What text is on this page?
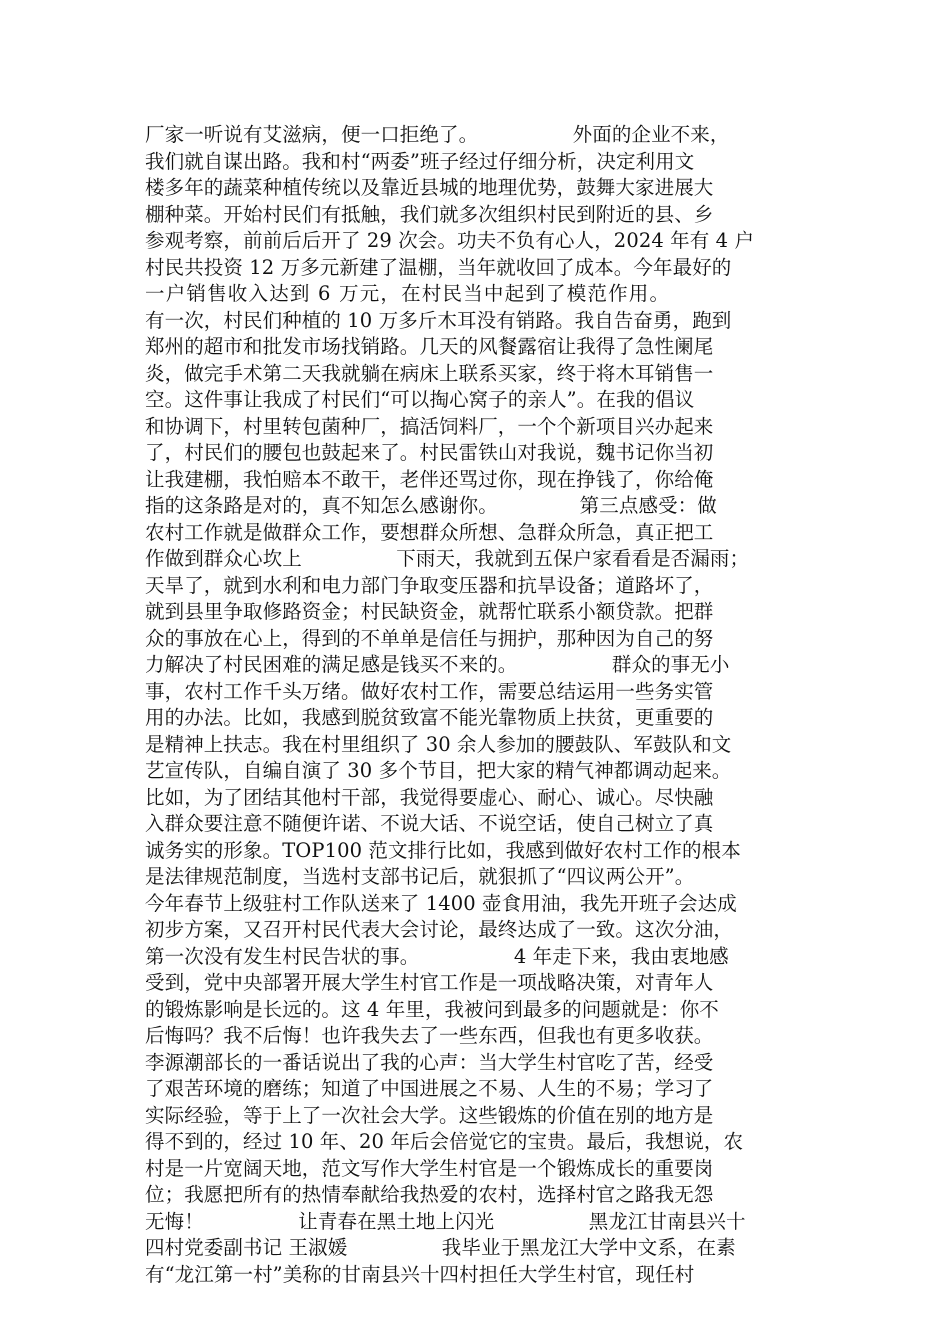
厂家一听说有艾滋病，便一口拒绝了。               外面的企业不来，
我们就自谋出路。我和村“两委”班子经过仔细分析，决定利用文
楼多年的蔬菜种植传统以及靠近县城的地理优势，鼓舞大家进展大
棚种菜。开始村民们有抵触，我们就多次组织村民到附近的县、乡
参观考察，前前后后开了 29 次会。功夫不负有心人，2024 年有 4 户
村民共投资 12 万多元新建了温棚，当年就收回了成本。今年最好的
一户销售收入达到 6 万元，在村民当中起到了模范作用。
有一次，村民们种植的 10 万多斤木耳没有销路。我自告奋勇，跑到
郑州的超市和批发市场找销路。几天的风餐露宿让我得了急性阑尾
炎，做完手术第二天我就躺在病床上联系买家，终于将木耳销售一
空。这件事让我成了村民们“可以掏心窝子的亲人”。在我的倡议
和协调下，村里转包菌种厂，搞活饲料厂，一个个新项目兴办起来
了，村民们的腰包也鼓起来了。村民雷铁山对我说，魏书记你当初
让我建棚，我怕赔本不敢干，老伴还骂过你，现在挣钱了，你给俺
指的这条路是对的，真不知怎么感谢你。             第三点感受：做
农村工作就是做群众工作，要想群众所想、急群众所急，真正把工
作做到群众心坎上               下雨天，我就到五保户家看看是否漏雨；
天旱了，就到水利和电力部门争取变压器和抗旱设备；道路坏了，
就到县里争取修路资金；村民缺资金，就帮忙联系小额贷款。把群
众的事放在心上，得到的不单单是信任与拥护，那种因为自己的努
力解决了村民困难的满足感是钱买不来的。               群众的事无小
事，农村工作千头万绪。做好农村工作，需要总结运用一些务实管
用的办法。比如，我感到脱贫致富不能光靠物质上扶贫，更重要的
是精神上扶志。我在村里组织了 30 余人参加的腰鼓队、军鼓队和文
艺宣传队，自编自演了 30 多个节目，把大家的精气神都调动起来。
比如，为了团结其他村干部，我觉得要虚心、耐心、诚心。尽快融
入群众要注意不随便许诺、不说大话、不说空话，使自己树立了真
诚务实的形象。TOP100 范文排行比如，我感到做好农村工作的根本
是法律规范制度，当选村支部书记后，就狠抓了“四议两公开”。
今年春节上级驻村工作队送来了 1400 壶食用油，我先开班子会达成
初步方案，又召开村民代表大会讨论，最终达成了一致。这次分油，
第一次没有发生村民告状的事。               4 年走下来，我由衷地感
受到，党中央部署开展大学生村官工作是一项战略决策，对青年人
的锻炼影响是长远的。这 4 年里，我被问到最多的问题就是：你不
后悔吗？我不后悔！也许我失去了一些东西，但我也有更多收获。
李源潮部长的一番话说出了我的心声：当大学生村官吃了苦，经受
了艰苦环境的磨练；知道了中国进展之不易、人生的不易；学习了
实际经验，等于上了一次社会大学。这些锻炼的价值在别的地方是
得不到的，经过 10 年、20 年后会倍觉它的宝贵。最后，我想说，农
村是一片宽阔天地，范文写作大学生村官是一个锻炼成长的重要岗
位；我愿把所有的热情奉献给我热爱的农村，选择村官之路我无怨
无悔！               让青春在黑土地上闪光               黑龙江甘南县兴十
四村党委副书记 王淑媛               我毕业于黑龙江大学中文系，在素
有“龙江第一村”美称的甘南县兴十四村担任大学生村官，现任村
